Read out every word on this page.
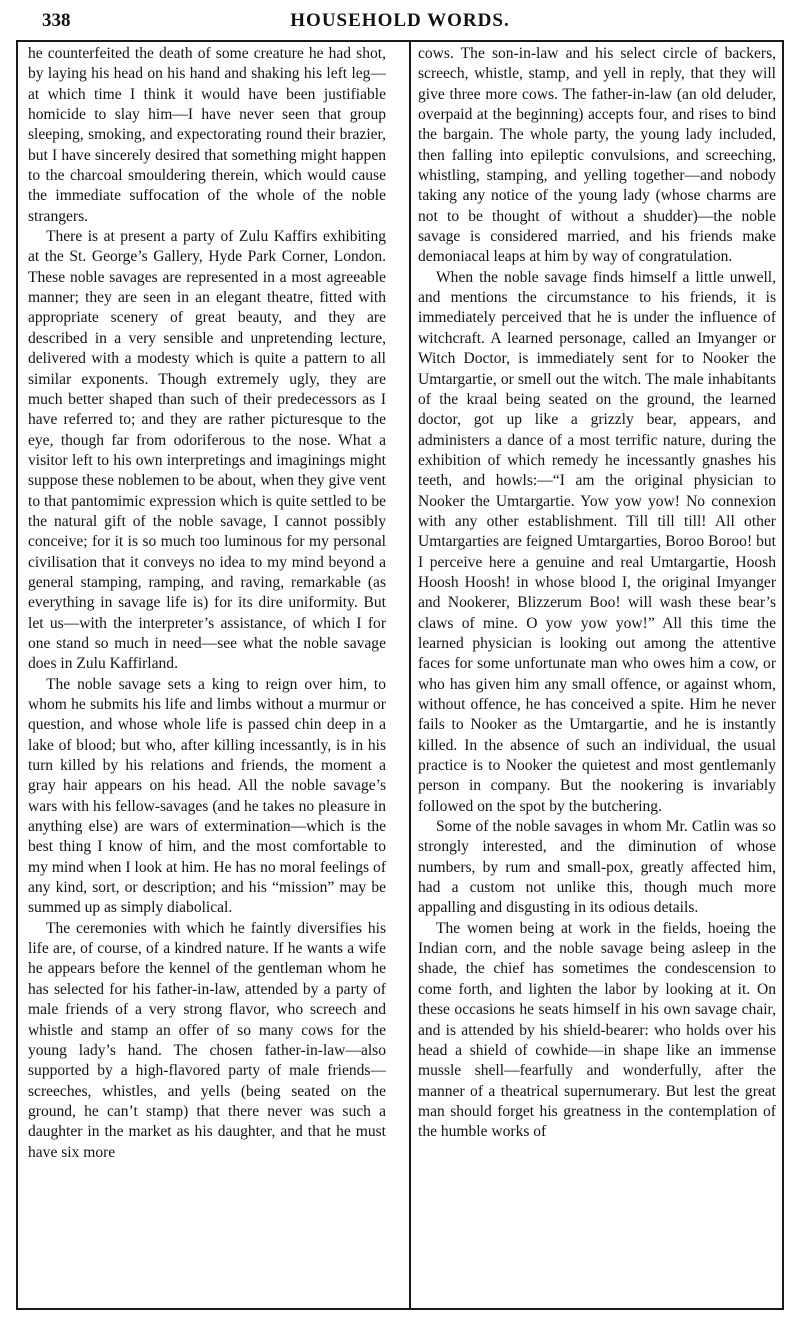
338	HOUSEHOLD WORDS.

he counterfeited the death of some creature he had shot, by laying his head on his hand and shaking his left leg—at which time I think it would have been justifiable homicide to slay him—I have never seen that group sleeping, smoking, and expectorating round their brazier, but I have sincerely desired that something might happen to the charcoal smouldering therein, which would cause the immediate suffocation of the whole of the noble strangers.

There is at present a party of Zulu Kaffirs exhibiting at the St. George’s Gallery, Hyde Park Corner, London. These noble savages are represented in a most agreeable manner; they are seen in an elegant theatre, fitted with appropriate scenery of great beauty, and they are described in a very sensible and unpretending lecture, delivered with a modesty which is quite a pattern to all similar exponents. Though extremely ugly, they are much better shaped than such of their predecessors as I have referred to; and they are rather picturesque to the eye, though far from odoriferous to the nose. What a visitor left to his own interpretings and imaginings might suppose these noblemen to be about, when they give vent to that pantomimic expression which is quite settled to be the natural gift of the noble savage, I cannot possibly conceive; for it is so much too luminous for my personal civilisation that it conveys no idea to my mind beyond a general stamping, ramping, and raving, remarkable (as everything in savage life is) for its dire uniformity. But let us—with the interpreter’s assistance, of which I for one stand so much in need—see what the noble savage does in Zulu Kaffirland.

The noble savage sets a king to reign over him, to whom he submits his life and limbs without a murmur or question, and whose whole life is passed chin deep in a lake of blood; but who, after killing incessantly, is in his turn killed by his relations and friends, the moment a gray hair appears on his head. All the noble savage’s wars with his fellow-savages (and he takes no pleasure in anything else) are wars of extermination—which is the best thing I know of him, and the most comfortable to my mind when I look at him. He has no moral feelings of any kind, sort, or description; and his “mission” may be summed up as simply diabolical.

The ceremonies with which he faintly diversifies his life are, of course, of a kindred nature. If he wants a wife he appears before the kennel of the gentleman whom he has selected for his father-in-law, attended by a party of male friends of a very strong flavor, who screech and whistle and stamp an offer of so many cows for the young lady’s hand. The chosen father-in-law—also supported by a high-flavored party of male friends—screeches, whistles, and yells (being seated on the ground, he can’t stamp) that there never was such a daughter in the market as his daughter, and that he must have six more

cows. The son-in-law and his select circle of backers, screech, whistle, stamp, and yell in reply, that they will give three more cows. The father-in-law (an old deluder, overpaid at the beginning) accepts four, and rises to bind the bargain. The whole party, the young lady included, then falling into epileptic convulsions, and screeching, whistling, stamping, and yelling together—and nobody taking any notice of the young lady (whose charms are not to be thought of without a shudder)—the noble savage is considered married, and his friends make demoniacal leaps at him by way of congratulation.

When the noble savage finds himself a little unwell, and mentions the circumstance to his friends, it is immediately perceived that he is under the influence of witchcraft. A learned personage, called an Imyanger or Witch Doctor, is immediately sent for to Nooker the Umtargartie, or smell out the witch. The male inhabitants of the kraal being seated on the ground, the learned doctor, got up like a grizzly bear, appears, and administers a dance of a most terrific nature, during the exhibition of which remedy he incessantly gnashes his teeth, and howls:—“I am the original physician to Nooker the Umtargartie. Yow yow yow! No connexion with any other establishment. Till till till! All other Umtargarties are feigned Umtargarties, Boroo Boroo! but I perceive here a genuine and real Umtargartie, Hoosh Hoosh Hoosh! in whose blood I, the original Imyanger and Nookerer, Blizzerum Boo! will wash these bear’s claws of mine. O yow yow yow!” All this time the learned physician is looking out among the attentive faces for some unfortunate man who owes him a cow, or who has given him any small offence, or against whom, without offence, he has conceived a spite. Him he never fails to Nooker as the Umtargartie, and he is instantly killed. In the absence of such an individual, the usual practice is to Nooker the quietest and most gentlemanly person in company. But the nookering is invariably followed on the spot by the butchering.

Some of the noble savages in whom Mr. Catlin was so strongly interested, and the diminution of whose numbers, by rum and small-pox, greatly affected him, had a custom not unlike this, though much more appalling and disgusting in its odious details.

The women being at work in the fields, hoeing the Indian corn, and the noble savage being asleep in the shade, the chief has sometimes the condescension to come forth, and lighten the labor by looking at it. On these occasions he seats himself in his own savage chair, and is attended by his shield-bearer: who holds over his head a shield of cowhide—in shape like an immense mussle shell—fearfully and wonderfully, after the manner of a theatrical supernumerary. But lest the great man should forget his greatness in the contemplation of the humble works of
